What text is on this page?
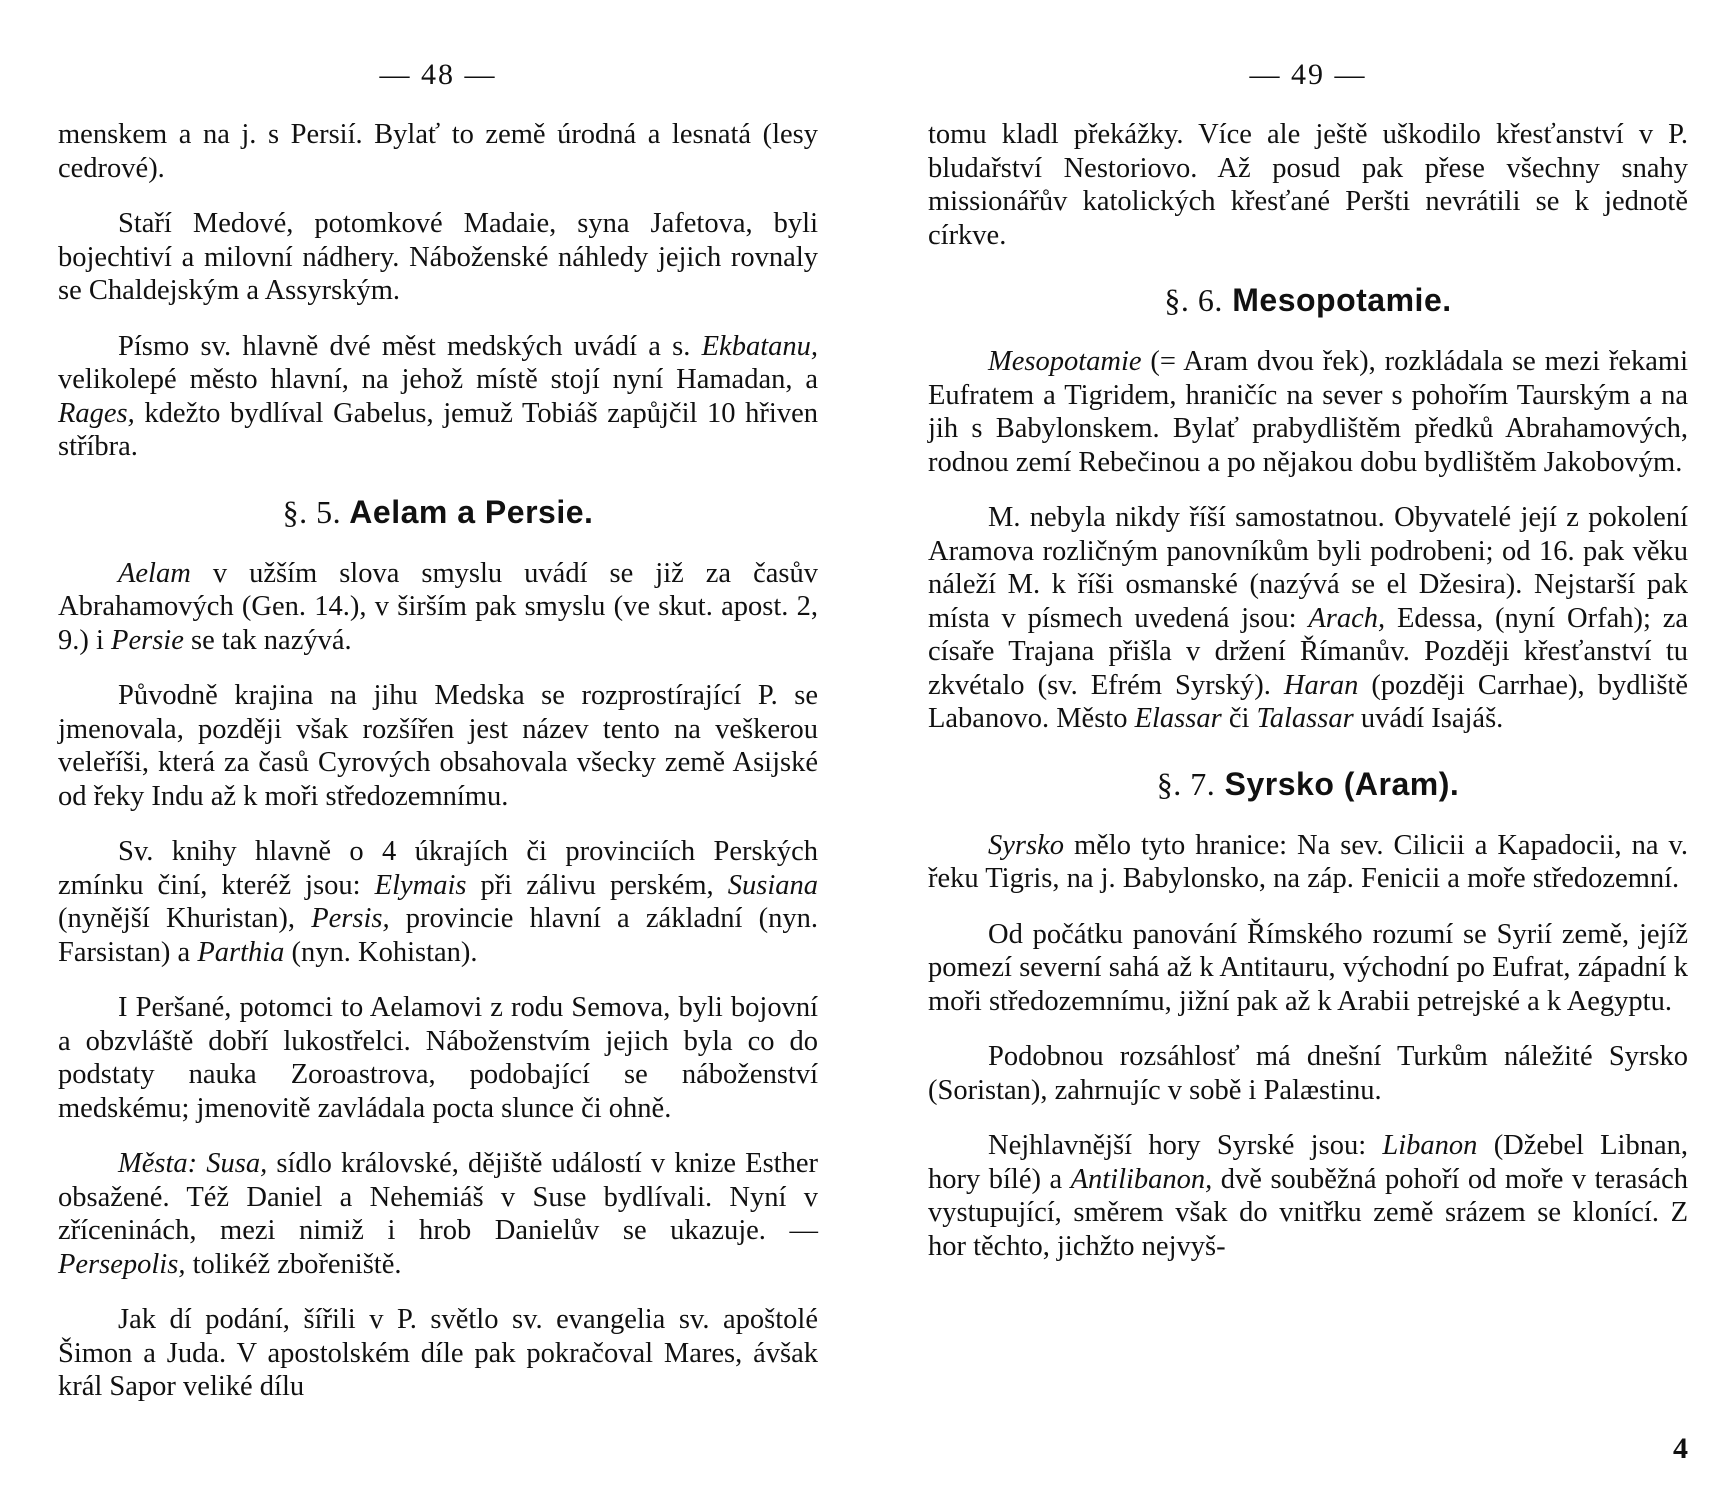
— 48 —

menskem a na j. s Persií. Bylať to země úrodná a lesnatá (lesy cedrové).

Staří Medové, potomkové Madaie, syna Jafetova, byli bojechtiví a milovní nádhery. Náboženské náhledy jejich rovnaly se Chaldejským a Assyrským.

Písmo sv. hlavně dvé měst medských uvádí a s. Ekbatanu, velikolepé město hlavní, na jehož místě stojí nyní Hamadan, a Rages, kdežto bydlíval Gabelus, jemuž Tobiáš zapůjčil 10 hřiven stříbra.

§. 5. Aelam a Persie.

Aelam v užším slova smyslu uvádí se již za časův Abrahamových (Gen. 14.), v širším pak smyslu (ve skut. apost. 2, 9.) i Persie se tak nazývá.

Původně krajina na jihu Medska se rozprostírající P. se jmenovala, později však rozšířen jest název tento na veškerou veleříši, která za časů Cyrových obsahovala všecky země Asijské od řeky Indu až k moři středozemnímu.

Sv. knihy hlavně o 4 úkrajích či provinciích Perských zmínku činí, kteréž jsou: Elymais při zálivu perském, Susiana (nynější Khuristan), Persis, provincie hlavní a základní (nyn. Farsistan) a Parthia (nyn. Kohistan).

I Peršané, potomci to Aelamovi z rodu Semova, byli bojovní a obzvláště dobří lukostřelci. Náboženstvím jejich byla co do podstaty nauka Zoroastrova, podobající se náboženství medskému; jmenovitě zavládala pocta slunce či ohně.

Města: Susa, sídlo královské, dějiště událostí v knize Esther obsažené. Též Daniel a Nehemiáš v Suse bydlívali. Nyní v zříceninách, mezi nimiž i hrob Danielův se ukazuje. — Persepolis, tolikéž zbořeniště.

Jak dí podání, šířili v P. světlo sv. evangelia sv. apoštolé Šimon a Juda. V apostolském díle pak pokračoval Mares, ávšak král Sapor veliké dílu

— 49 —

tomu kladl překážky. Více ale ještě uškodilo křesťanství v P. bludařství Nestoriovo. Až posud pak přese všechny snahy missionářův katolických křesťané Peršti nevrátili se k jednotě církve.

§. 6. Mesopotamie.

Mesopotamie (= Aram dvou řek), rozkládala se mezi řekami Eufratem a Tigridem, hraničíc na sever s pohořím Taurským a na jih s Babylonskem. Bylať prabydlištěm předků Abrahamových, rodnou zemí Rebečinou a po nějakou dobu bydlištěm Jakobovým.

M. nebyla nikdy říší samostatnou. Obyvatelé její z pokolení Aramova rozličným panovníkům byli podrobeni; od 16. pak věku náleží M. k říši osmanské (nazývá se el Džesira). Nejstarší pak místa v písmech uvedená jsou: Arach, Edessa, (nyní Orfah); za císaře Trajana přišla v držení Římanův. Později křesťanství tu zkvétalo (sv. Efrém Syrský). Haran (později Carrhae), bydliště Labanovo. Město Elassar či Talassar uvádí Isajáš.

§. 7. Syrsko (Aram).

Syrsko mělo tyto hranice: Na sev. Cilicii a Kapadocii, na v. řeku Tigris, na j. Babylonsko, na záp. Fenicii a moře středozemní.

Od počátku panování Římského rozumí se Syrií země, jejíž pomezí severní sahá až k Antitauru, východní po Eufrat, západní k moři středozemnímu, jižní pak až k Arabii petrejské a k Aegyptu.

Podobnou rozsáhlosť má dnešní Turkům náležité Syrsko (Soristan), zahrnujíc v sobě i Palæstinu.

Nejhlavnější hory Syrské jsou: Libanon (Džebel Libnan, hory bílé) a Antilibanon, dvě souběžná pohoří od moře v terasách vystupující, směrem však do vnitřku země srázem se klonící. Z hor těchto, jichžto nejvyš-

4
